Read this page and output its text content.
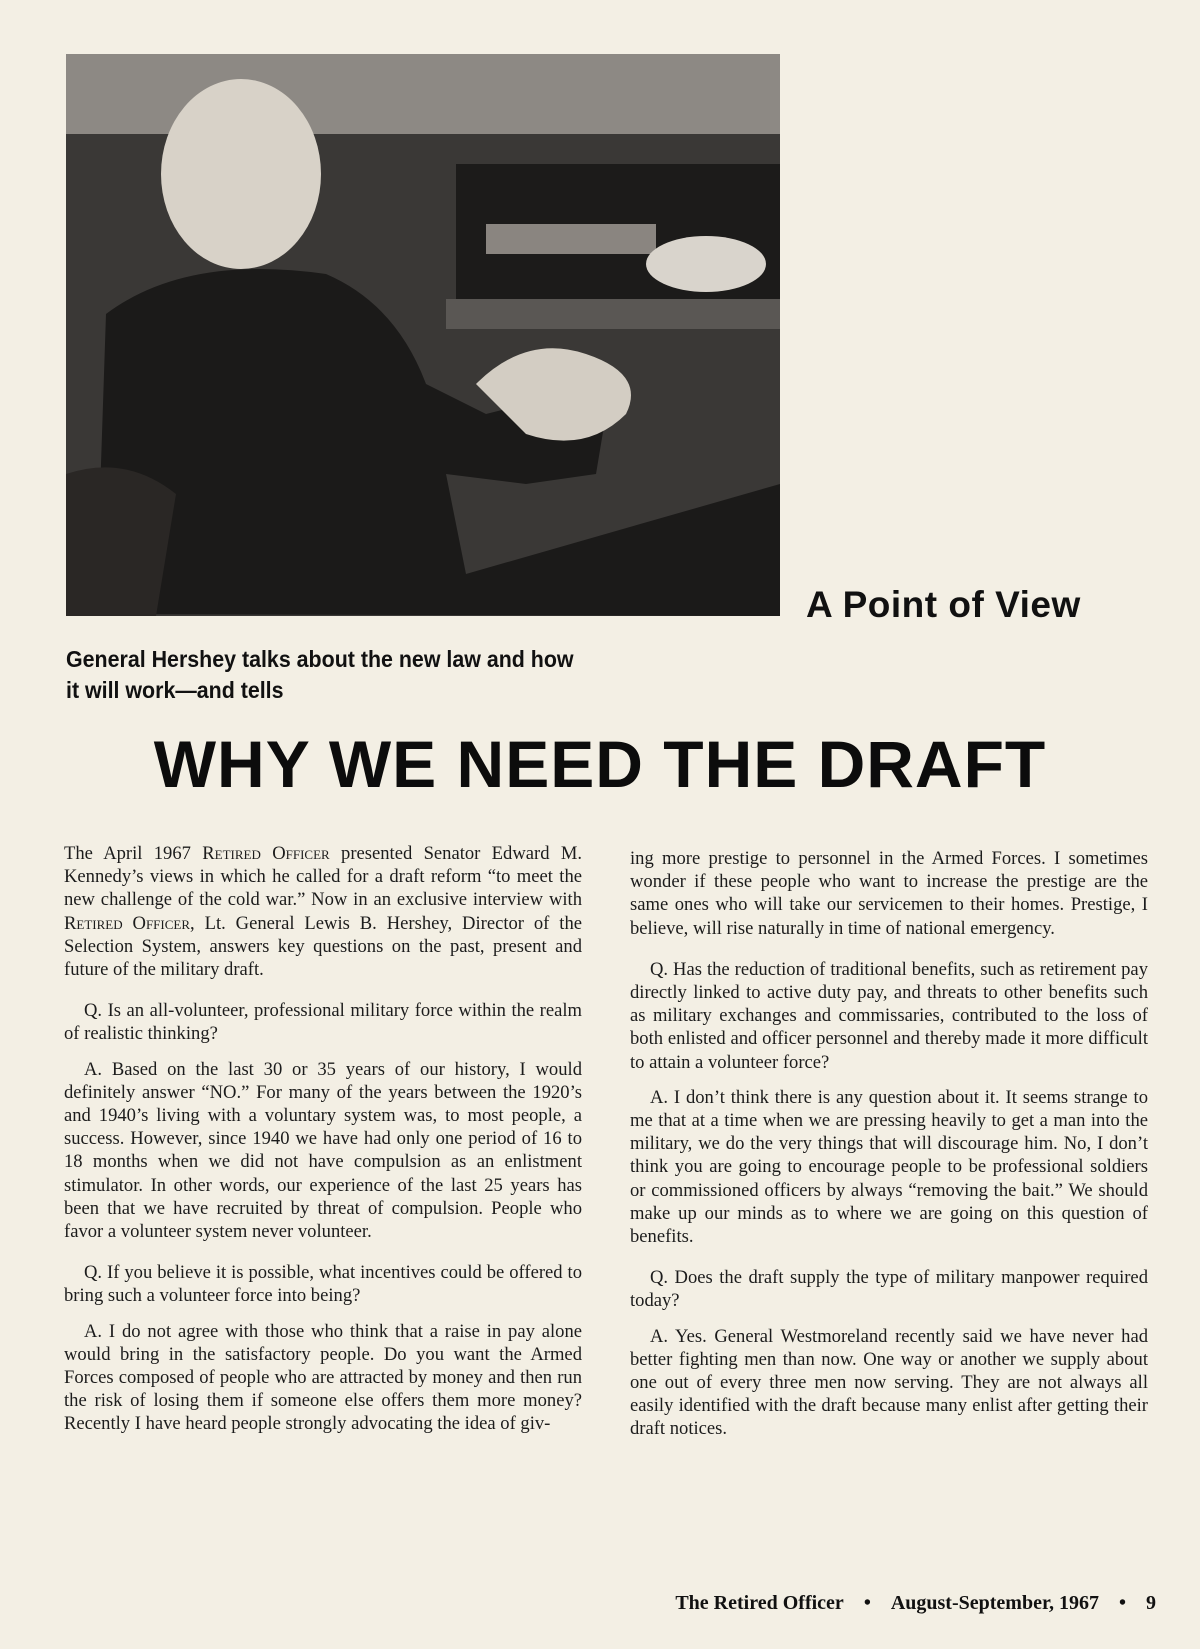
A Point of View
General Hershey talks about the new law and how it will work—and tells
WHY WE NEED THE DRAFT

The April 1967 Retired Officer presented Senator Edward M. Kennedy’s views in which he called for a draft reform “to meet the new challenge of the cold war.” Now in an exclusive interview with Retired Officer, Lt. General Lewis B. Hershey, Director of the Selection System, answers key questions on the past, present and future of the military draft.

Q. Is an all-volunteer, professional military force within the realm of realistic thinking?

A. Based on the last 30 or 35 years of our history, I would definitely answer “NO.” For many of the years between the 1920’s and 1940’s living with a voluntary system was, to most people, a success. However, since 1940 we have had only one period of 16 to 18 months when we did not have compulsion as an enlistment stimulator. In other words, our experience of the last 25 years has been that we have recruited by threat of compulsion. People who favor a volunteer system never volunteer.

Q. If you believe it is possible, what incentives could be offered to bring such a volunteer force into being?

A. I do not agree with those who think that a raise in pay alone would bring in the satisfactory people. Do you want the Armed Forces composed of people who are attracted by money and then run the risk of losing them if someone else offers them more money? Recently I have heard people strongly advocating the idea of giv-

ing more prestige to personnel in the Armed Forces. I sometimes wonder if these people who want to increase the prestige are the same ones who will take our servicemen to their homes. Prestige, I believe, will rise naturally in time of national emergency.

Q. Has the reduction of traditional benefits, such as retirement pay directly linked to active duty pay, and threats to other benefits such as military exchanges and commissaries, contributed to the loss of both enlisted and officer personnel and thereby made it more difficult to attain a volunteer force?

A. I don’t think there is any question about it. It seems strange to me that at a time when we are pressing heavily to get a man into the military, we do the very things that will discourage him. No, I don’t think you are going to encourage people to be professional soldiers or commissioned officers by always “removing the bait.” We should make up our minds as to where we are going on this question of benefits.

Q. Does the draft supply the type of military manpower required today?

A. Yes. General Westmoreland recently said we have never had better fighting men than now. One way or another we supply about one out of every three men now serving. They are not always all easily identified with the draft because many enlist after getting their draft notices.

The Retired Officer • August-September, 1967 • 9
